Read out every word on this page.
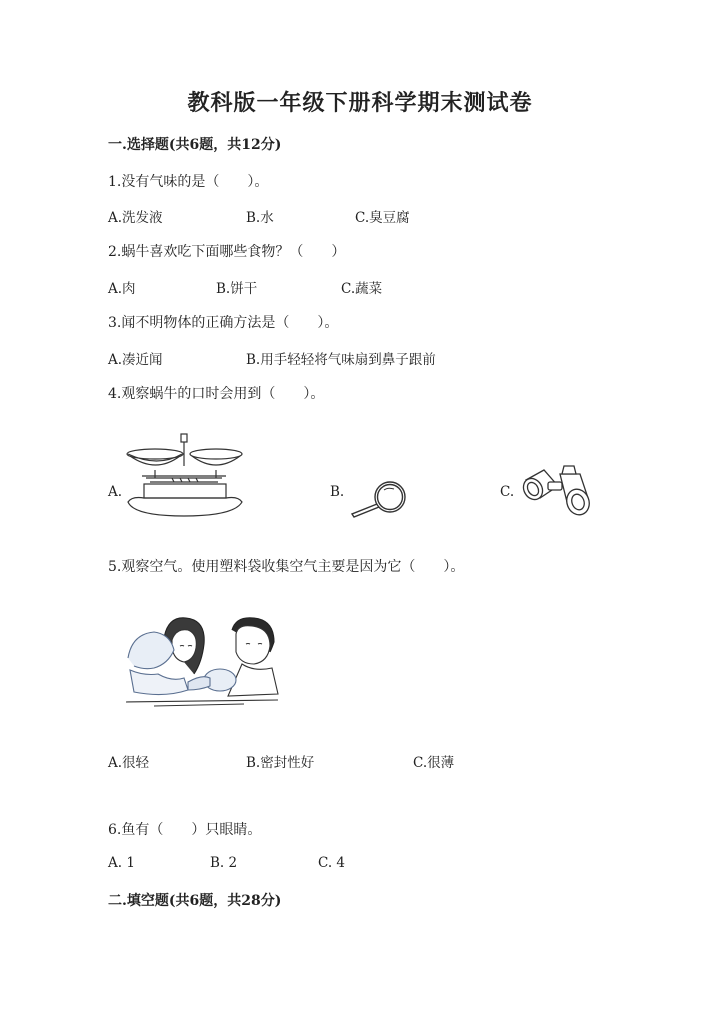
教科版一年级下册科学期末测试卷
一.选择题(共6题，共12分)
1.没有气味的是（　　）。
A.洗发液	B.水	C.臭豆腐
2.蜗牛喜欢吃下面哪些食物？（　　）
A.肉	B.饼干	C.蔬菜
3.闻不明物体的正确方法是（　　）。
A.凑近闻	B.用手轻轻将气味扇到鼻子跟前
4.观察蜗牛的口时会用到（　　）。
A.	B.	C.
5.观察空气。使用塑料袋收集空气主要是因为它（　　）。
A.很轻	B.密封性好	C.很薄
6.鱼有（　　）只眼睛。
A. 1	B. 2	C. 4
二.填空题(共6题，共28分)
